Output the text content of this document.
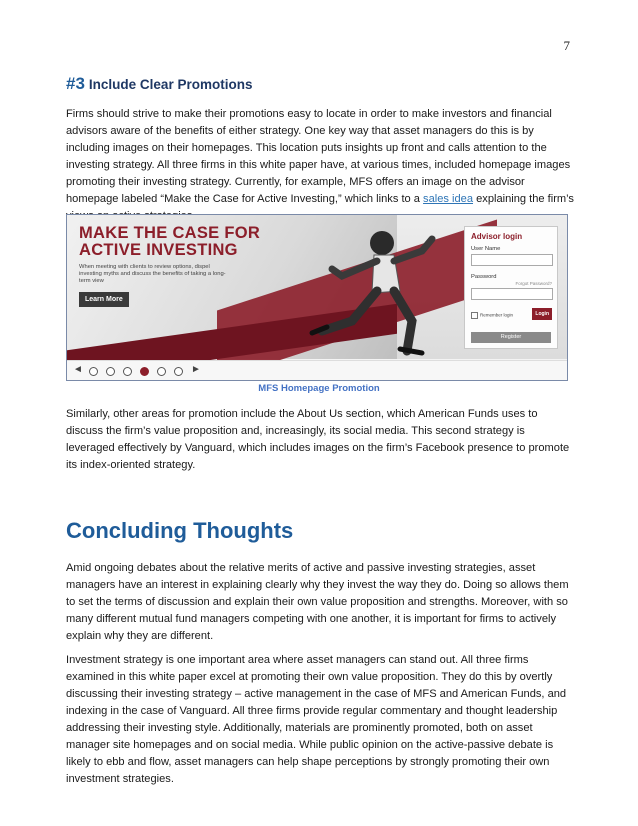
7
#3 Include Clear Promotions

Firms should strive to make their promotions easy to locate in order to make investors and financial advisors aware of the benefits of either strategy. One key way that asset managers do this is by including images on their homepages. This location puts insights up front and calls attention to the investing strategy. All three firms in this white paper have, at various times, included homepage images promoting their investing strategy. Currently, for example, MFS offers an image on the advisor homepage labeled “Make the Case for Active Investing,” which links to a sales idea explaining the firm’s

MAKE THE CASE FOR
ACTIVE INVESTING
When meeting with clients to review options, dispel investing myths and discuss the benefits of taking a long-term view
Learn More
Advisor login
User Name
Password
Forgot Password?
Remember login	Login
Register
◄	►

MFS Homepage Promotion

Similarly, other areas for promotion include the About Us section, which American Funds uses to discuss the firm’s value proposition and, increasingly, its social media. This second strategy is leveraged effectively by Vanguard, which includes images on the firm’s Facebook presence to promote its index-oriented strategy.

Concluding Thoughts

Amid ongoing debates about the relative merits of active and passive investing strategies, asset managers have an interest in explaining clearly why they invest the way they do. Doing so allows them to set the terms of discussion and explain their own value proposition and strengths. Moreover, with so many different mutual fund managers competing with one another, it is important for firms to actively explain why they are different.

Investment strategy is one important area where asset managers can stand out. All three firms examined in this white paper excel at promoting their own value proposition. They do this by overtly discussing their investing strategy – active management in the case of MFS and American Funds, and indexing in the case of Vanguard. All three firms provide regular commentary and thought leadership addressing their investing style. Additionally, materials are prominently promoted, both on asset manager site homepages and on social media. While public opinion on the active-passive debate is likely to ebb and flow, asset managers can help shape perceptions by strongly promoting their own investment strategies.
